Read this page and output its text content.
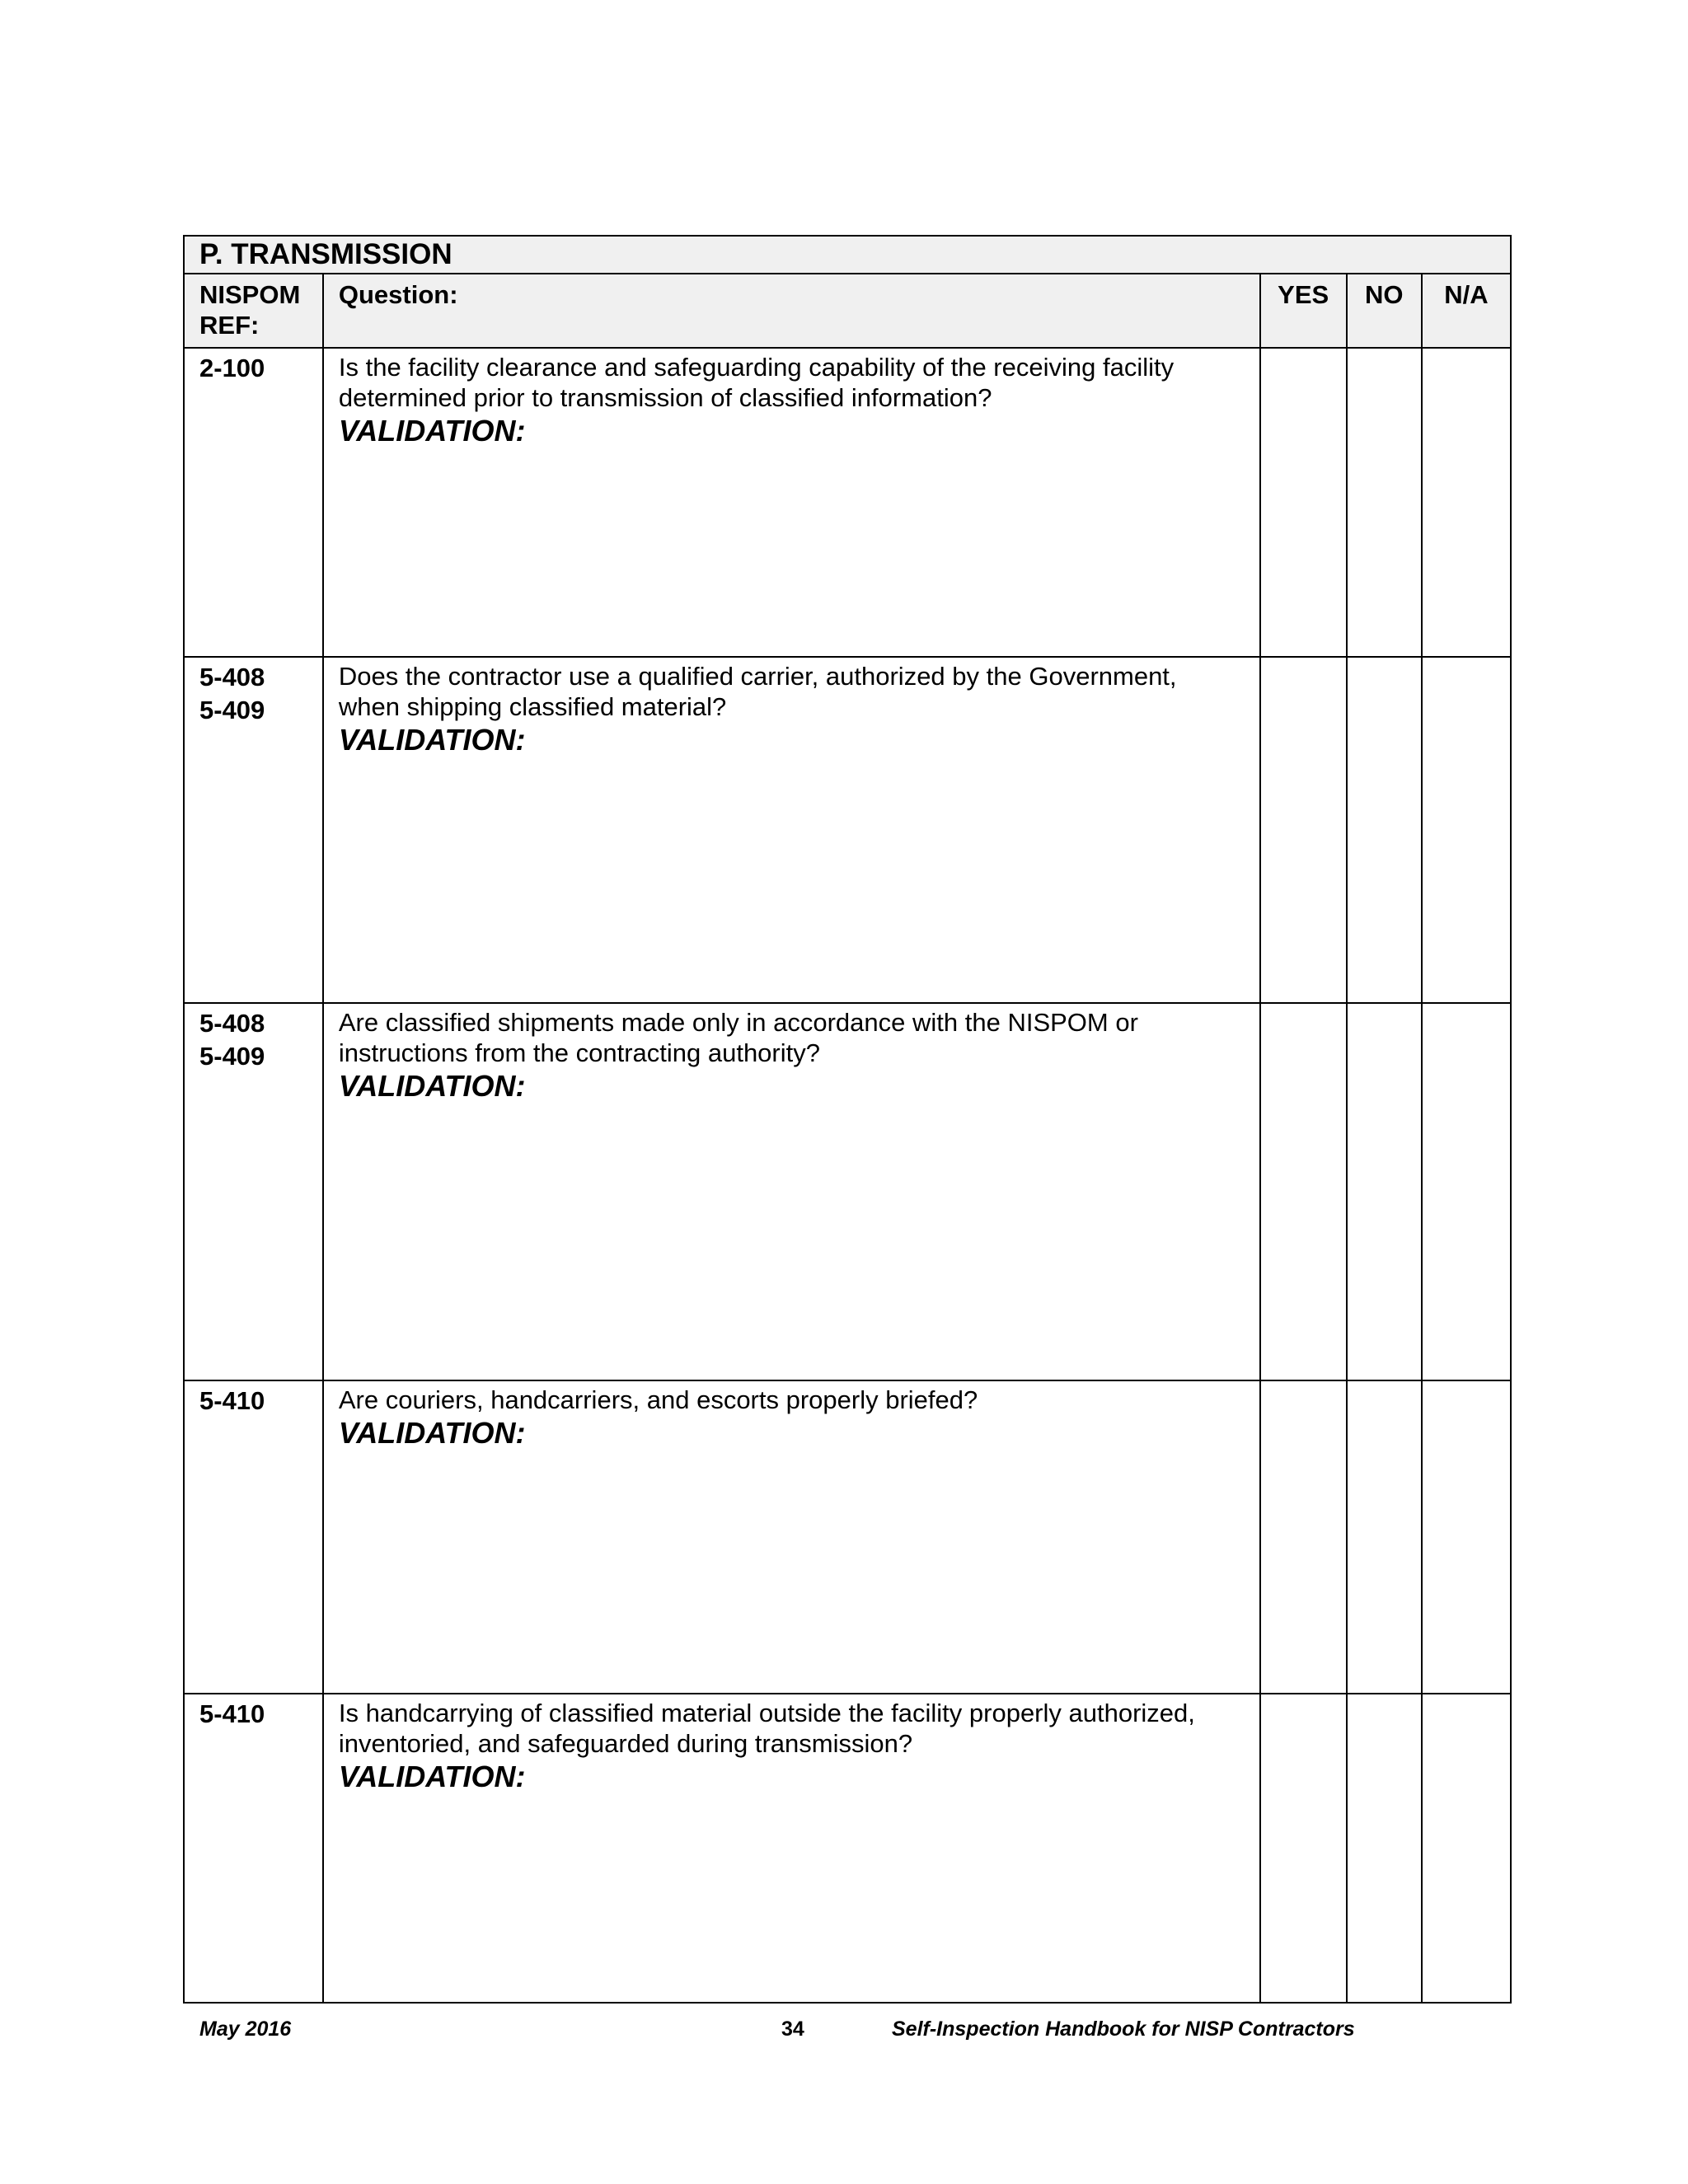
P. TRANSMISSION				
NISPOM REF:	Question:	YES	NO	N/A

2-100	Is the facility clearance and safeguarding capability of the receiving facility determined prior to transmission of classified information?
VALIDATION:			

5-408
5-409	Does the contractor use a qualified carrier, authorized by the Government, when shipping classified material?
VALIDATION:			

5-408
5-409	Are classified shipments made only in accordance with the NISPOM or instructions from the contracting authority?
VALIDATION:			

5-410	Are couriers, handcarriers, and escorts properly briefed?
VALIDATION:			

5-410	Is handcarrying of classified material outside the facility properly authorized, inventoried, and safeguarded during transmission?
VALIDATION:			

May 2016	34	Self-Inspection Handbook for NISP Contractors
